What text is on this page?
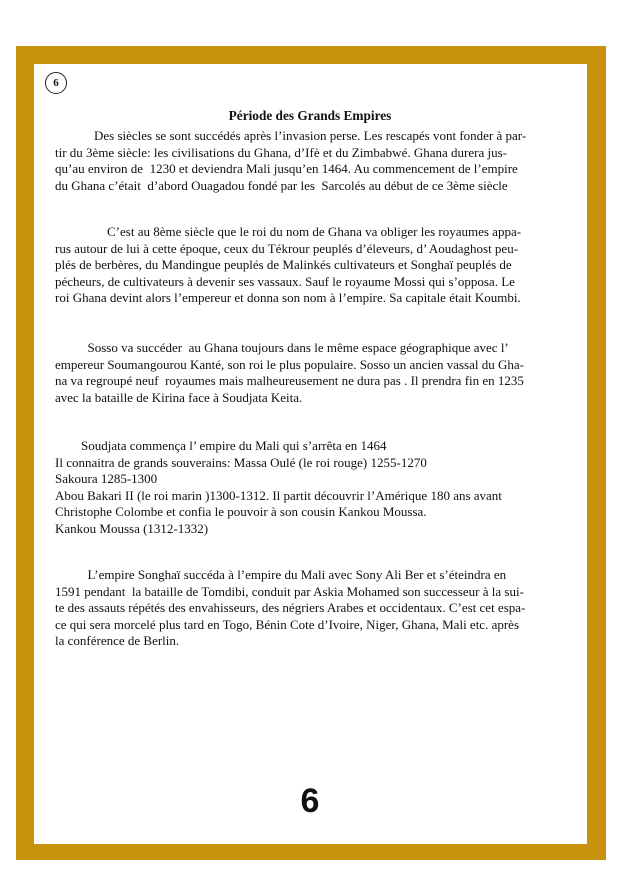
6
Période des Grands Empires

Des siècles se sont succédés après l’invasion perse. Les rescapés vont fonder à par-
tir du 3ème siècle: les civilisations du Ghana, d’Ifè et du Zimbabwé. Ghana durera jus-
qu’au environ de  1230 et deviendra Mali jusqu’en 1464. Au commencement de l’empire
du Ghana c’était  d’abord Ouagadou fondé par les  Sarcolés au début de ce 3ème siècle

C’est au 8ème siècle que le roi du nom de Ghana va obliger les royaumes appa-
rus autour de lui à cette époque, ceux du Tékrour peuplés d’éleveurs, d’ Aoudaghost peu-
plés de berbères, du Mandingue peuplés de Malinkés cultivateurs et Songhaï peuplés de
pécheurs, de cultivateurs à devenir ses vassaux. Sauf le royaume Mossi qui s’opposa. Le
roi Ghana devint alors l’empereur et donna son nom à l’empire. Sa capitale était Koumbi.

Sosso va succéder  au Ghana toujours dans le même espace géographique avec l’
empereur Soumangourou Kanté, son roi le plus populaire. Sosso un ancien vassal du Gha-
na va regroupé neuf  royaumes mais malheureusement ne dura pas . Il prendra fin en 1235
avec la bataille de Kirina face à Soudjata Keita.

Soudjata commença l’ empire du Mali qui s’arrêta en 1464
Il connaitra de grands souverains: Massa Oulé (le roi rouge) 1255-1270
Sakoura 1285-1300
Abou Bakari II (le roi marin )1300-1312. Il partit découvrir l’Amérique 180 ans avant
Christophe Colombe et confia le pouvoir à son cousin Kankou Moussa.
Kankou Moussa (1312-1332)

L’empire Songhaï succéda à l’empire du Mali avec Sony Ali Ber et s’éteindra en
1591 pendant  la bataille de Tomdibi, conduit par Askia Mohamed son successeur à la sui-
te des assauts répétés des envahisseurs, des négriers Arabes et occidentaux. C’est cet espa-
ce qui sera morcelé plus tard en Togo, Bénin Cote d’Ivoire, Niger, Ghana, Mali etc. après
la conférence de Berlin.

6
